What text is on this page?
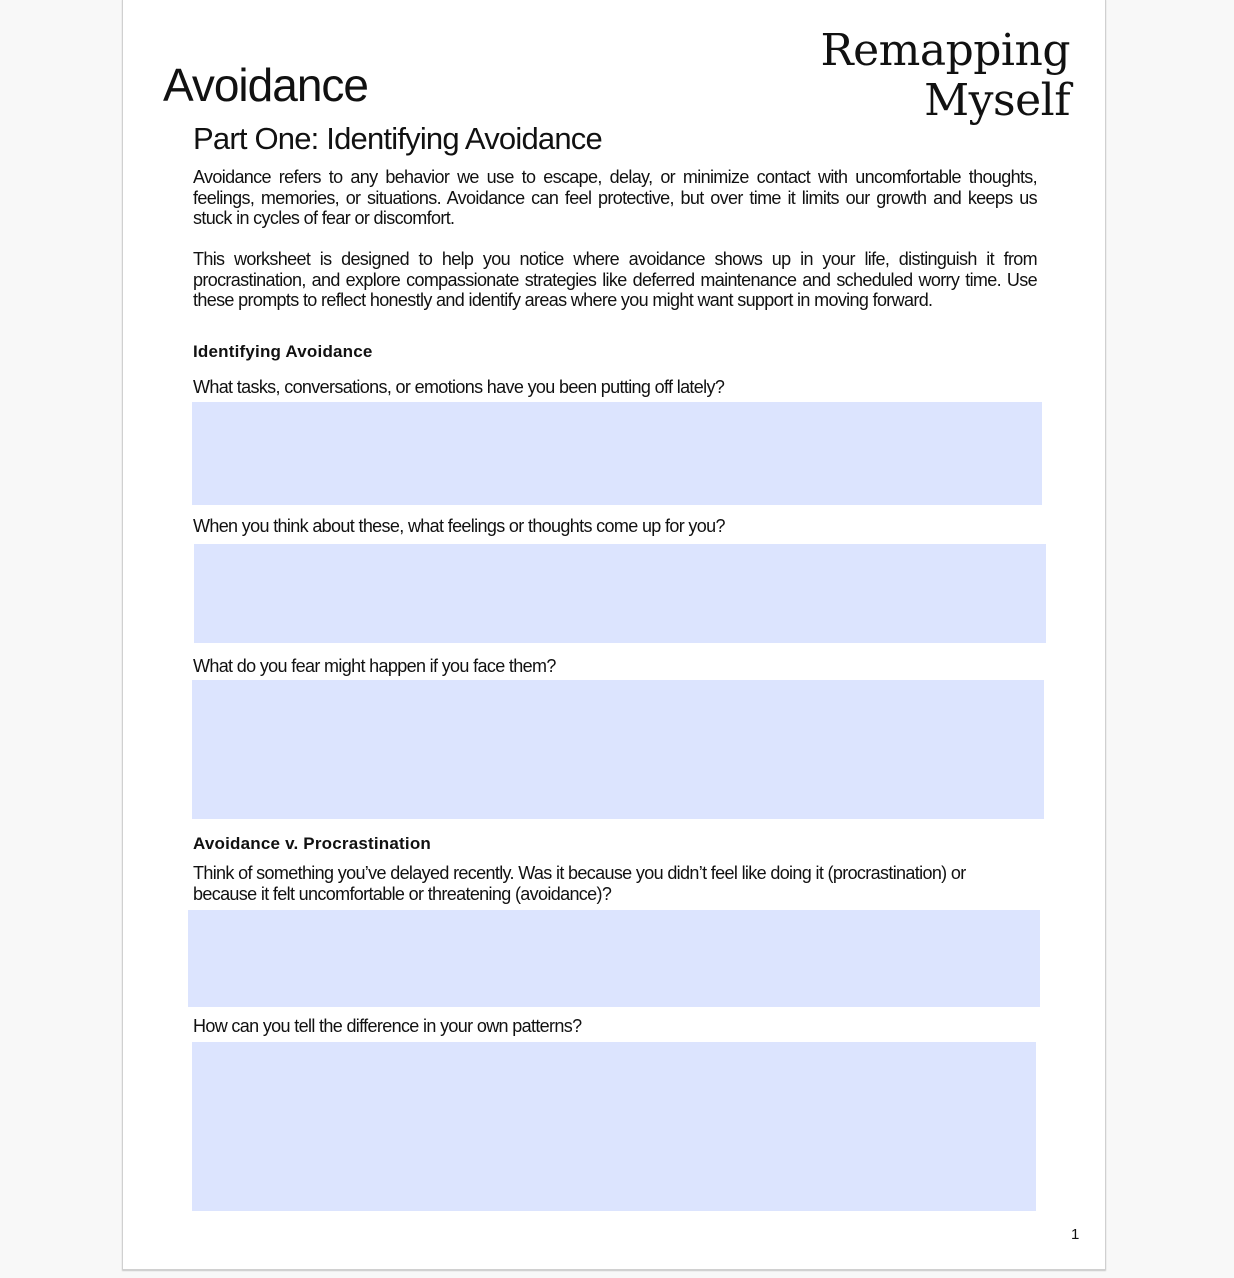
Avoidance
Remapping
Myself
Part One: Identifying Avoidance
Avoidance refers to any behavior we use to escape, delay, or minimize contact with uncomfortable thoughts, feelings, memories, or situations. Avoidance can feel protective, but over time it limits our growth and keeps us stuck in cycles of fear or discomfort.
This worksheet is designed to help you notice where avoidance shows up in your life, distinguish it from procrastination, and explore compassionate strategies like deferred maintenance and scheduled worry time. Use these prompts to reflect honestly and identify areas where you might want support in moving forward.
Identifying Avoidance
What tasks, conversations, or emotions have you been putting off lately?
When you think about these, what feelings or thoughts come up for you?
What do you fear might happen if you face them?
Avoidance v. Procrastination
Think of something you’ve delayed recently. Was it because you didn’t feel like doing it (procrastination) or because it felt uncomfortable or threatening (avoidance)?
How can you tell the difference in your own patterns?
1
